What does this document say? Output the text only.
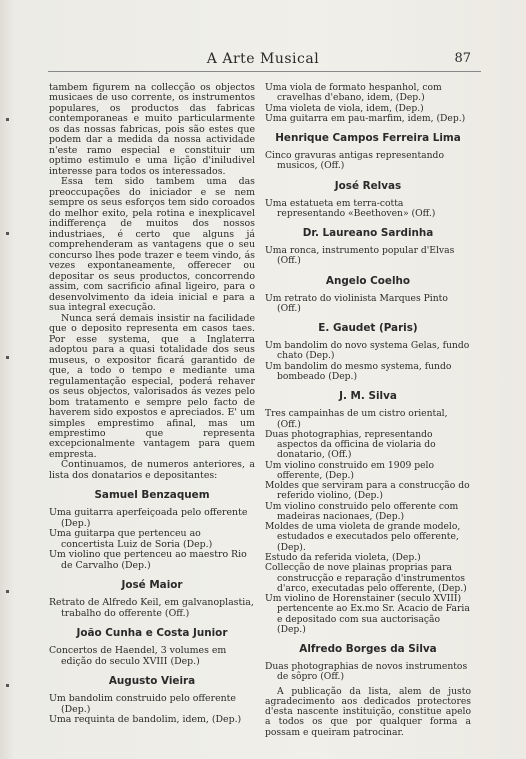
A Arte Musical	87

tambem figurem na collecção os objectos musicaes de uso corrente, os instrumentos populares, os productos das fabricas contemporaneas e muito particularmente os das nossas fabricas, pois são estes que podem dar a medida da nossa actividade n'este ramo especial e constituir um optimo estimulo e uma lição d'iniludivel interesse para todos os interessados.

Essa tem sido tambem uma das preoccupações do iniciador e se nem sempre os seus esforços tem sido coroados do melhor exito, pela rotina e inexplicavel indifferença de muitos dos nossos industriaes, é certo que alguns já comprehenderam as vantagens que o seu concurso lhes pode trazer e teem vindo, ás vezes expontaneamente, offerecer ou depositar os seus productos, concorrendo assim, com sacrificio afinal ligeiro, para o desenvolvimento da ideia inicial e para a sua integral execução.

Nunca será demais insistir na facilidade que o deposito representa em casos taes. Por esse systema, que a Inglaterra adoptou para a quasi totalidade dos seus museus, o expositor ficará garantido de que, a todo o tempo e mediante uma regulamentação especial, poderá rehaver os seus objectos, valorisados ás vezes pelo bom tratamento e sempre pelo facto de haverem sido expostos e apreciados. E' um simples emprestimo afinal, mas um emprestimo que representa excepcionalmente vantagem para quem empresta.

Continuamos, de numeros anteriores, a lista dos donatarios e depositantes:

Samuel Benzaquem

Uma guitarra aperfeiçoada pelo offerente (Dep.)

Uma guitarpa que pertenceu ao concertista Luiz de Soria (Dep.)

Um violino que pertenceu ao maestro Rio de Carvalho (Dep.)

José Maior

Retrato de Alfredo Keil, em galvanoplastia, trabalho do offerente (Off.)

João Cunha e Costa Junior

Concertos de Haendel, 3 volumes em edição do seculo XVIII (Dep.)

Augusto Vieira

Um bandolim construido pelo offerente (Dep.)

Uma requinta de bandolim, idem, (Dep.)

Uma viola de formato hespanhol, com cravelhas d'ebano, idem, (Dep.)

Uma violeta de viola, idem, (Dep.)

Uma guitarra em pau-marfim, idem, (Dep.)

Henrique Campos Ferreira Lima

Cinco gravuras antigas representando musicos, (Off.)

José Relvas

Uma estatueta em terra-cotta representando «Beethoven» (Off.)

Dr. Laureano Sardinha

Uma ronca, instrumento popular d'Elvas (Off.)

Angelo Coelho

Um retrato do violinista Marques Pinto (Off.)

E. Gaudet (Paris)

Um bandolim do novo systema Gelas, fundo chato (Dep.)

Um bandolim do mesmo systema, fundo bombeado (Dep.)

J. M. Silva

Tres campainhas de um cistro oriental, (Off.)

Duas photographias, representando aspectos da officina de violaria do donatario, (Off.)

Um violino construido em 1909 pelo offerente, (Dep.)

Moldes que serviram para a construcção do referido violino, (Dep.)

Um violino construido pelo offerente com madeiras nacionaes, (Dep.)

Moldes de uma violeta de grande modelo, estudados e executados pelo offerente, (Dep).

Estudo da referida violeta, (Dep.)

Collecção de nove plainas proprias para construcção e reparação d'instrumentos d'arco, executadas pelo offerente, (Dep.)

Um violino de Horenstainer (seculo XVIII) pertencente ao Ex.mo Sr. Acacio de Faria e depositado com sua auctorisação (Dep.)

Alfredo Borges da Silva

Duas photographias de novos instrumentos de sôpro (Off.)

A publicação da lista, alem de justo agradecimento aos dedicados protectores d'esta nascente instituição, constitue apelo a todos os que por qualquer forma a possam e queiram patrocinar.
